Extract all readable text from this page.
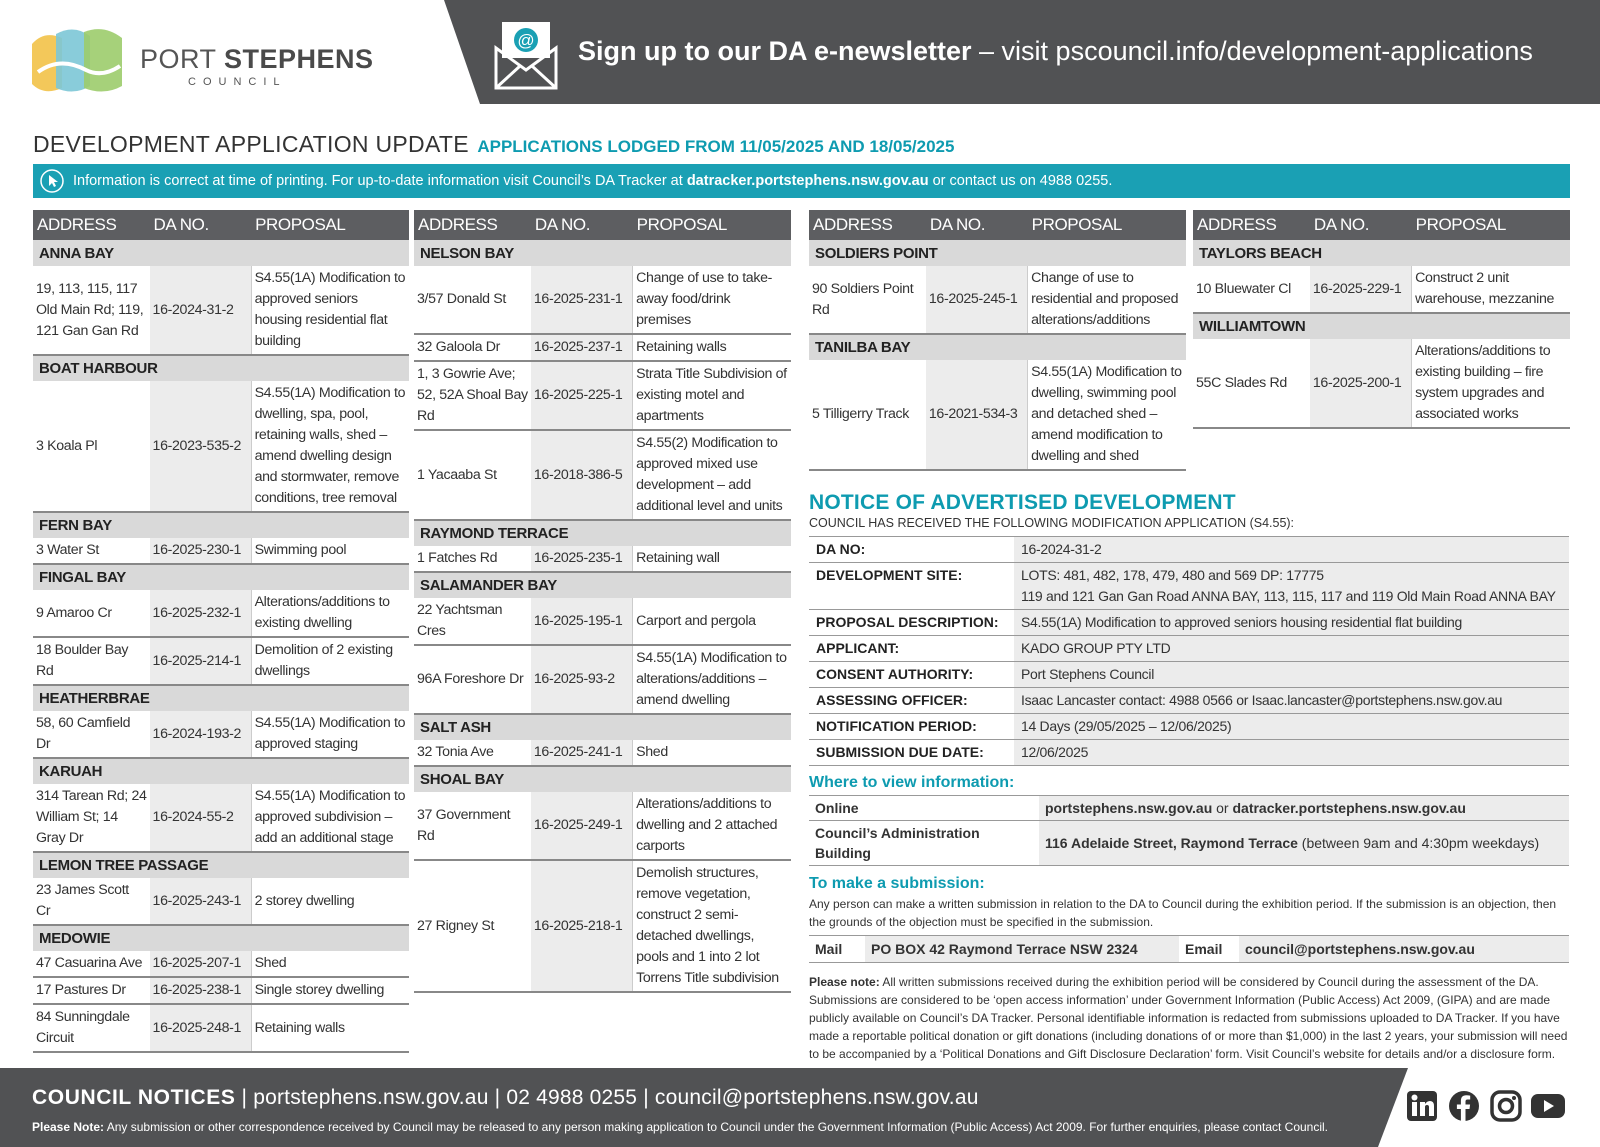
PORT STEPHENS
COUNCIL
@ Sign up to our DA e-newsletter – visit pscouncil.info/development-applications
DEVELOPMENT APPLICATION UPDATE APPLICATIONS LODGED FROM 11/05/2025 AND 18/05/2025
Information is correct at time of printing. For up-to-date information visit Council’s DA Tracker at datracker.portstephens.nsw.gov.au or contact us on 4988 0255.
ADDRESS	DA NO.	PROPOSAL
ANNA BAY		
19, 113, 115, 117 Old Main Rd; 119, 121 Gan Gan Rd	16-2024-31-2	S4.55(1A) Modification to approved seniors housing residential flat building
BOAT HARBOUR		
3 Koala Pl	16-2023-535-2	S4.55(1A) Modification to dwelling, spa, pool, retaining walls, shed – amend dwelling design and stormwater, remove conditions, tree removal
FERN BAY		
3 Water St	16-2025-230-1	Swimming pool
FINGAL BAY		
9 Amaroo Cr	16-2025-232-1	Alterations/additions to existing dwelling
18 Boulder Bay Rd	16-2025-214-1	Demolition of 2 existing dwellings
HEATHERBRAE		
58, 60 Camfield Dr	16-2024-193-2	S4.55(1A) Modification to approved staging
KARUAH		
314 Tarean Rd; 24 William St; 14 Gray Dr	16-2024-55-2	S4.55(1A) Modification to approved subdivision – add an additional stage
LEMON TREE PASSAGE		
23 James Scott Cr	16-2025-243-1	2 storey dwelling
MEDOWIE		
47 Casuarina Ave	16-2025-207-1	Shed
17 Pastures Dr	16-2025-238-1	Single storey dwelling
84 Sunningdale Circuit	16-2025-248-1	Retaining walls
ADDRESS	DA NO.	PROPOSAL
NELSON BAY		
3/57 Donald St	16-2025-231-1	Change of use to take-away food/drink premises
32 Galoola Dr	16-2025-237-1	Retaining walls
1, 3 Gowrie Ave; 52, 52A Shoal Bay Rd	16-2025-225-1	Strata Title Subdivision of existing motel and apartments
1 Yacaaba St	16-2018-386-5	S4.55(2) Modification to approved mixed use development – add additional level and units
RAYMOND TERRACE		
1 Fatches Rd	16-2025-235-1	Retaining wall
SALAMANDER BAY		
22 Yachtsman Cres	16-2025-195-1	Carport and pergola
96A Foreshore Dr	16-2025-93-2	S4.55(1A) Modification to alterations/additions – amend dwelling
SALT ASH		
32 Tonia Ave	16-2025-241-1	Shed
SHOAL BAY		
37 Government Rd	16-2025-249-1	Alterations/additions to dwelling and 2 attached carports
27 Rigney St	16-2025-218-1	Demolish structures, remove vegetation, construct 2 semi-detached dwellings, pools and 1 into 2 lot Torrens Title subdivision
ADDRESS	DA NO.	PROPOSAL
SOLDIERS POINT		
90 Soldiers Point Rd	16-2025-245-1	Change of use to residential and proposed alterations/additions
TANILBA BAY		
5 Tilligerry Track	16-2021-534-3	S4.55(1A) Modification to dwelling, swimming pool and detached shed – amend modification to dwelling and shed
ADDRESS	DA NO.	PROPOSAL
TAYLORS BEACH		
10 Bluewater Cl	16-2025-229-1	Construct 2 unit warehouse, mezzanine
WILLIAMTOWN		
55C Slades Rd	16-2025-200-1	Alterations/additions to existing building – fire system upgrades and associated works
NOTICE OF ADVERTISED DEVELOPMENT
COUNCIL HAS RECEIVED THE FOLLOWING MODIFICATION APPLICATION (S4.55):
DA NO:	16-2024-31-2
DEVELOPMENT SITE:	LOTS: 481, 482, 178, 479, 480 and 569 DP: 17775
119 and 121 Gan Gan Road ANNA BAY, 113, 115, 117 and 119 Old Main Road ANNA BAY

PROPOSAL DESCRIPTION:	S4.55(1A) Modification to approved seniors housing residential flat building
APPLICANT:	KADO GROUP PTY LTD
CONSENT AUTHORITY:	Port Stephens Council
ASSESSING OFFICER:	Isaac Lancaster contact: 4988 0566 or Isaac.lancaster@portstephens.nsw.gov.au
NOTIFICATION PERIOD:	14 Days (29/05/2025 – 12/06/2025)
SUBMISSION DUE DATE:	12/06/2025
Where to view information:
Online	portstephens.nsw.gov.au or datracker.portstephens.nsw.gov.au
Council’s Administration Building	116 Adelaide Street, Raymond Terrace (between 9am and 4:30pm weekdays)
To make a submission:
Any person can make a written submission in relation to the DA to Council during the exhibition period. If the submission is an objection, then the grounds of the objection must be specified in the submission.
Mail	PO BOX 42 Raymond Terrace NSW 2324	Email	council@portstephens.nsw.gov.au
Please note: All written submissions received during the exhibition period will be considered by Council during the assessment of the DA. Submissions are considered to be ‘open access information’ under Government Information (Public Access) Act 2009, (GIPA) and are made publicly available on Council’s DA Tracker. Personal identifiable information is redacted from submissions uploaded to DA Tracker. If you have made a reportable political donation or gift donations (including donations of or more than $1,000) in the last 2 years, your submission will need to be accompanied by a ‘Political Donations and Gift Disclosure Declaration’ form. Visit Council’s website for details and/or a disclosure form.
COUNCIL NOTICES | portstephens.nsw.gov.au | 02 4988 0255 | council@portstephens.nsw.gov.au
Please Note: Any submission or other correspondence received by Council may be released to any person making application to Council under the Government Information (Public Access) Act 2009. For further enquiries, please contact Council.
